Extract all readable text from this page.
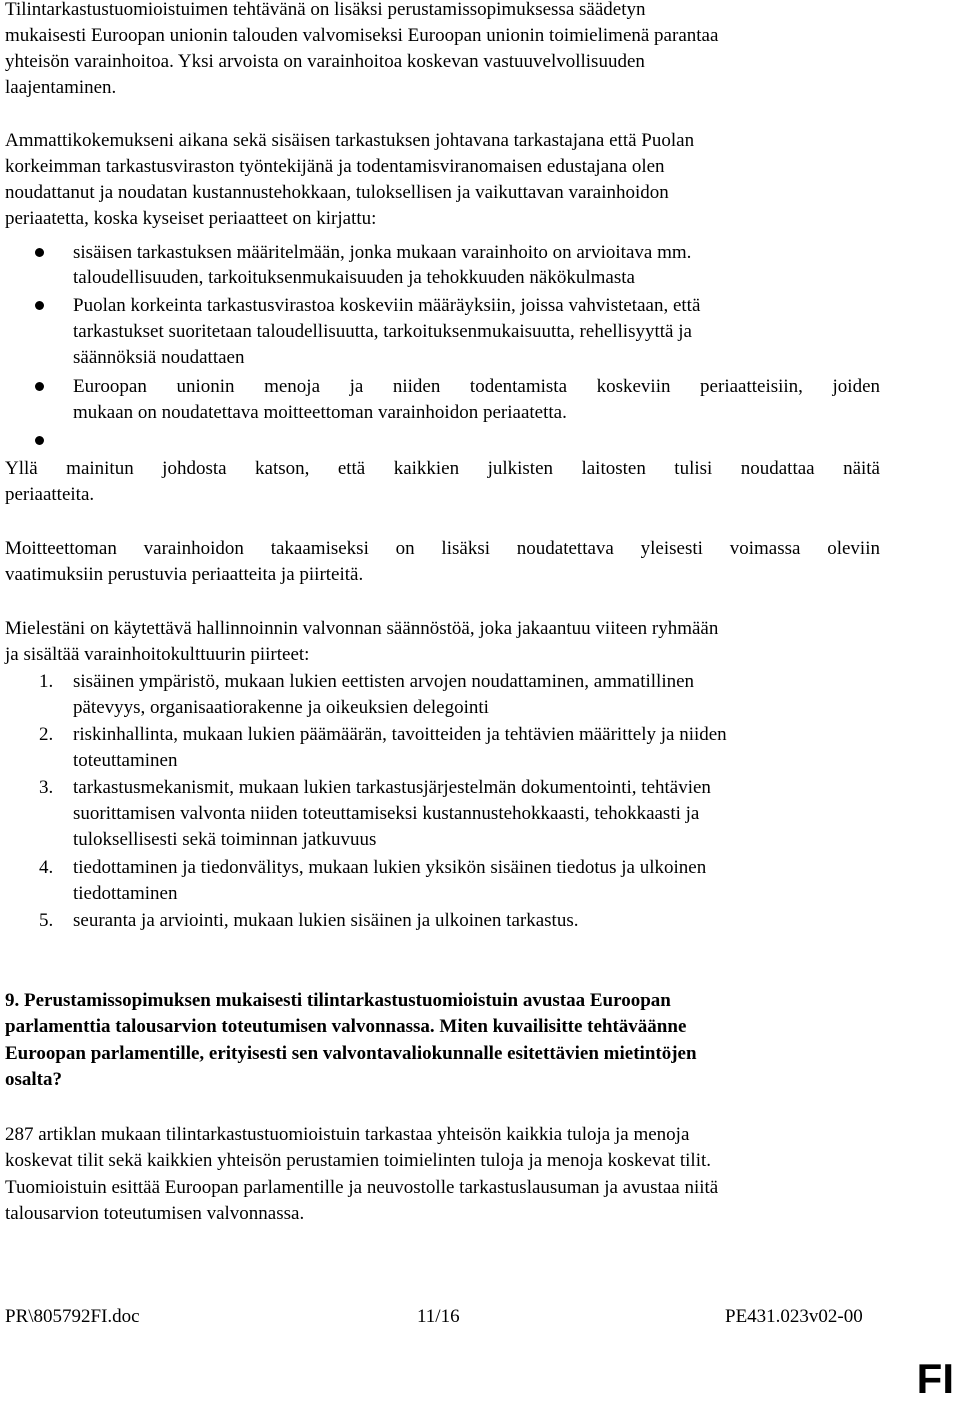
Tilintarkastustuomioistuimen tehtävänä on lisäksi perustamissopimuksessa säädetyn
mukaisesti Euroopan unionin talouden valvomiseksi Euroopan unionin toimielimenä parantaa
yhteisön varainhoitoa. Yksi arvoista on varainhoitoa koskevan vastuuvelvollisuuden
laajentaminen.
Ammattikokemukseni aikana sekä sisäisen tarkastuksen johtavana tarkastajana että Puolan
korkeimman tarkastusviraston työntekijänä ja todentamisviranomaisen edustajana olen
noudattanut ja noudatan kustannustehokkaan, tuloksellisen ja vaikuttavan varainhoidon
periaatetta, koska kyseiset periaatteet on kirjattu:
sisäisen tarkastuksen määritelmään, jonka mukaan varainhoito on arvioitava mm.
taloudellisuuden, tarkoituksenmukaisuuden ja tehokkuuden näkökulmasta
Puolan korkeinta tarkastusvirastoa koskeviin määräyksiin, joissa vahvistetaan, että
tarkastukset suoritetaan taloudellisuutta, tarkoituksenmukaisuutta, rehellisyyttä ja
säännöksiä noudattaen
Euroopan unionin menoja ja niiden todentamista koskeviin periaatteisiin, joiden
mukaan on noudatettava moitteettoman varainhoidon periaatetta.
Yllä mainitun johdosta katson, että kaikkien julkisten laitosten tulisi noudattaa näitä
periaatteita.
Moitteettoman varainhoidon takaamiseksi on lisäksi noudatettava yleisesti voimassa oleviin
vaatimuksiin perustuvia periaatteita ja piirteitä.
Mielestäni on käytettävä hallinnoinnin valvonnan säännöstöä, joka jakaantuu viiteen ryhmään
ja sisältää varainhoitokulttuurin piirteet:
1. sisäinen ympäristö, mukaan lukien eettisten arvojen noudattaminen, ammatillinen
pätevyys, organisaatiorakenne ja oikeuksien delegointi
2. riskinhallinta, mukaan lukien päämäärän, tavoitteiden ja tehtävien määrittely ja niiden
toteuttaminen
3. tarkastusmekanismit, mukaan lukien tarkastusjärjestelmän dokumentointi, tehtävien
suorittamisen valvonta niiden toteuttamiseksi kustannustehokkaasti, tehokkaasti ja
tuloksellisesti sekä toiminnan jatkuvuus
4. tiedottaminen ja tiedonvälitys, mukaan lukien yksikön sisäinen tiedotus ja ulkoinen
tiedottaminen
5. seuranta ja arviointi, mukaan lukien sisäinen ja ulkoinen tarkastus.
9. Perustamissopimuksen mukaisesti tilintarkastustuomioistuin avustaa Euroopan
parlamenttia talousarvion toteutumisen valvonnassa. Miten kuvailisitte tehtäväänne
Euroopan parlamentille, erityisesti sen valvontavaliokunnalle esitettävien mietintöjen
osalta?
287 artiklan mukaan tilintarkastustuomioistuin tarkastaa yhteisön kaikkia tuloja ja menoja
koskevat tilit sekä kaikkien yhteisön perustamien toimielinten tuloja ja menoja koskevat tilit.
Tuomioistuin esittää Euroopan parlamentille ja neuvostolle tarkastuslausuman ja avustaa niitä
talousarvion toteutumisen valvonnassa.
PR\805792FI.doc	11/16	PE431.023v02-00
FI
